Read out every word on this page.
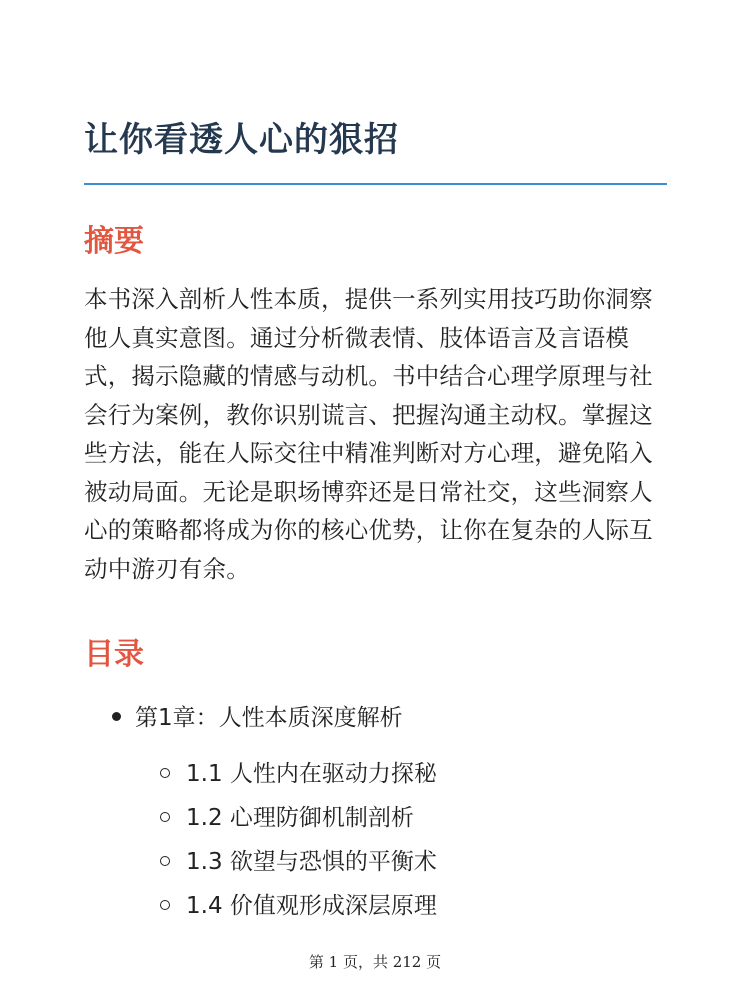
让你看透人心的狠招
摘要

本书深入剖析人性本质，提供一系列实用技巧助你洞察他人真实意图。通过分析微表情、肢体语言及言语模式，揭示隐藏的情感与动机。书中结合心理学原理与社会行为案例，教你识别谎言、把握沟通主动权。掌握这些方法，能在人际交往中精准判断对方心理，避免陷入被动局面。无论是职场博弈还是日常社交，这些洞察人心的策略都将成为你的核心优势，让你在复杂的人际互动中游刃有余。

目录
第1章：人性本质深度解析
1.1 人性内在驱动力探秘
1.2 心理防御机制剖析
1.3 欲望与恐惧的平衡术
1.4 价值观形成深层原理
第 1 页，共 212 页
